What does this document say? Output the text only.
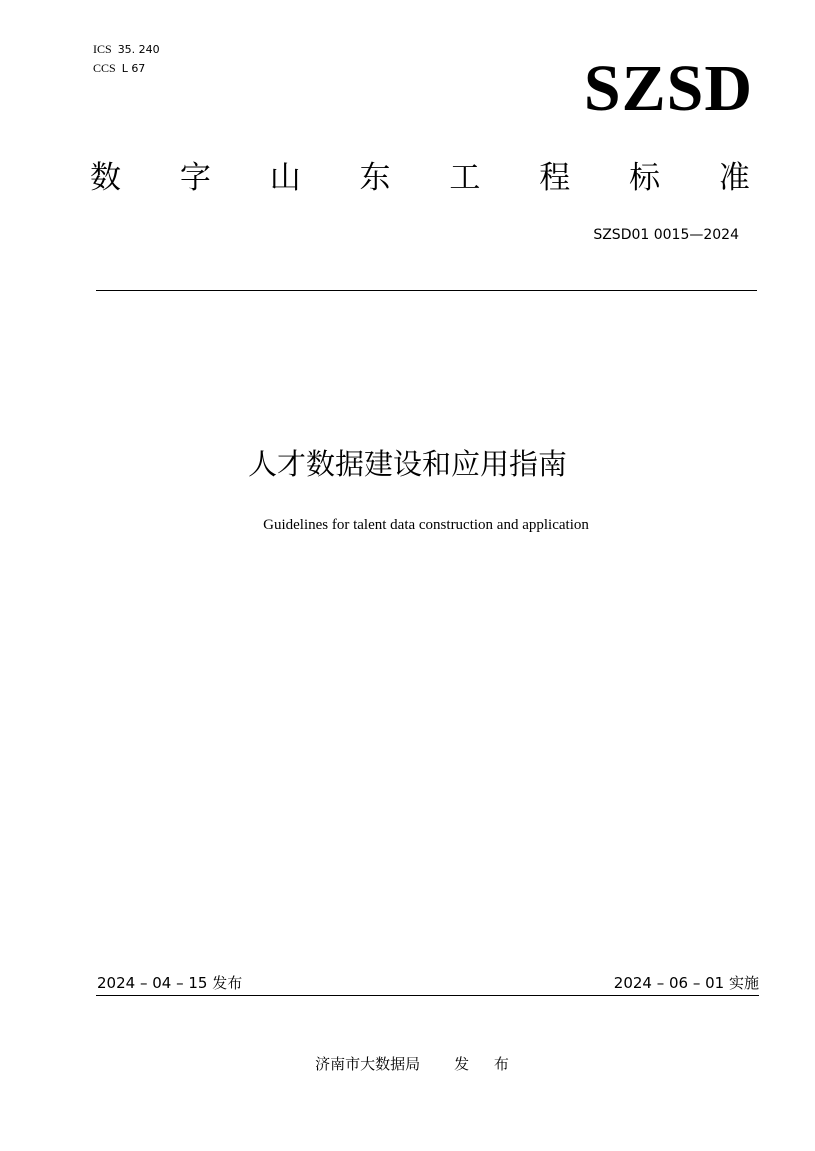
ICS 35. 240
CCS L 67	SZSD
数 字 山 东 工 程 标 准
SZSD01 0015—2024
人才数据建设和应用指南
Guidelines for talent data construction and application
2024 – 04 – 15 发布	2024 – 06 – 01 实施
济南市大数据局 发 布
